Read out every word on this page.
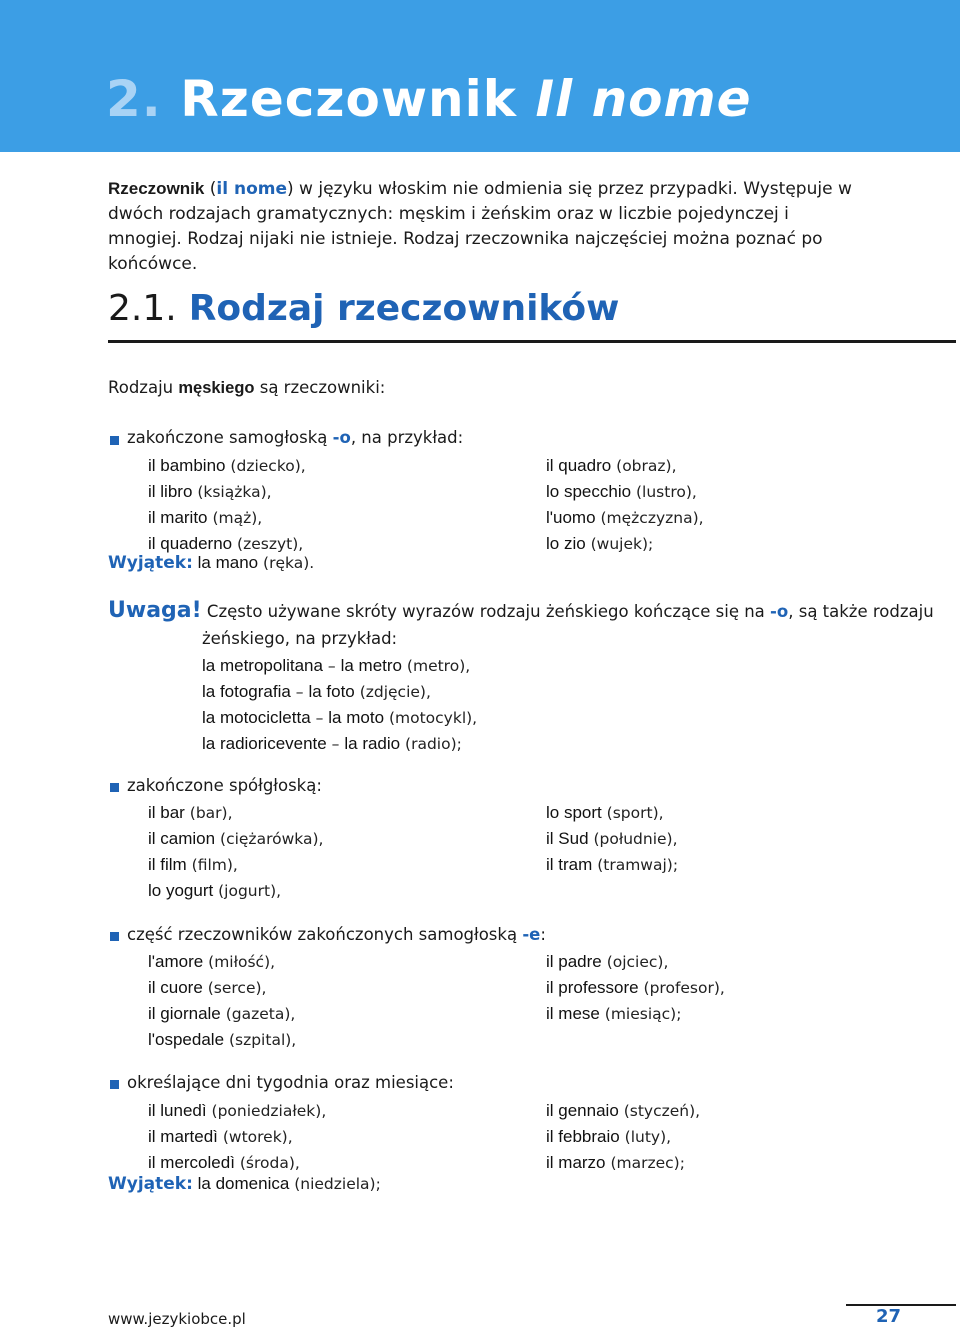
2. Rzeczownik Il nome
Rzeczownik (il nome) w języku włoskim nie odmienia się przez przypadki. Występuje w dwóch rodzajach gramatycznych: męskim i żeńskim oraz w liczbie pojedynczej i mnogiej. Rodzaj nijaki nie istnieje. Rodzaj rzeczownika najczęściej można poznać po końcówce.
2.1. Rodzaj rzeczowników
Rodzaju męskiego są rzeczowniki:
zakończone samogłoską -o, na przykład:
il bambino (dziecko),
il libro (książka),
il marito (mąż),
il quaderno (zeszyt),
il quadro (obraz),
lo specchio (lustro),
l'uomo (mężczyzna),
lo zio (wujek);
Wyjątek: la mano (ręka).
Uwaga! Często używane skróty wyrazów rodzaju żeńskiego kończące się na -o, są także rodzaju
żeńskiego, na przykład:
la metropolitana – la metro (metro),
la fotografia – la foto (zdjęcie),
la motocicletta – la moto (motocykl),
la radioricevente – la radio (radio);
zakończone spółgłoską:
il bar (bar),
il camion (ciężarówka),
il film (film),
lo yogurt (jogurt),
lo sport (sport),
il Sud (południe),
il tram (tramwaj);
część rzeczowników zakończonych samogłoską -e:
l'amore (miłość),
il cuore (serce),
il giornale (gazeta),
l'ospedale (szpital),
il padre (ojciec),
il professore (profesor),
il mese (miesiąc);
określające dni tygodnia oraz miesiące:
il lunedì (poniedziałek),
il martedì (wtorek),
il mercoledì (środa),
il gennaio (styczeń),
il febbraio (luty),
il marzo (marzec);
Wyjątek: la domenica (niedziela);
www.jezykiobce.pl	27
